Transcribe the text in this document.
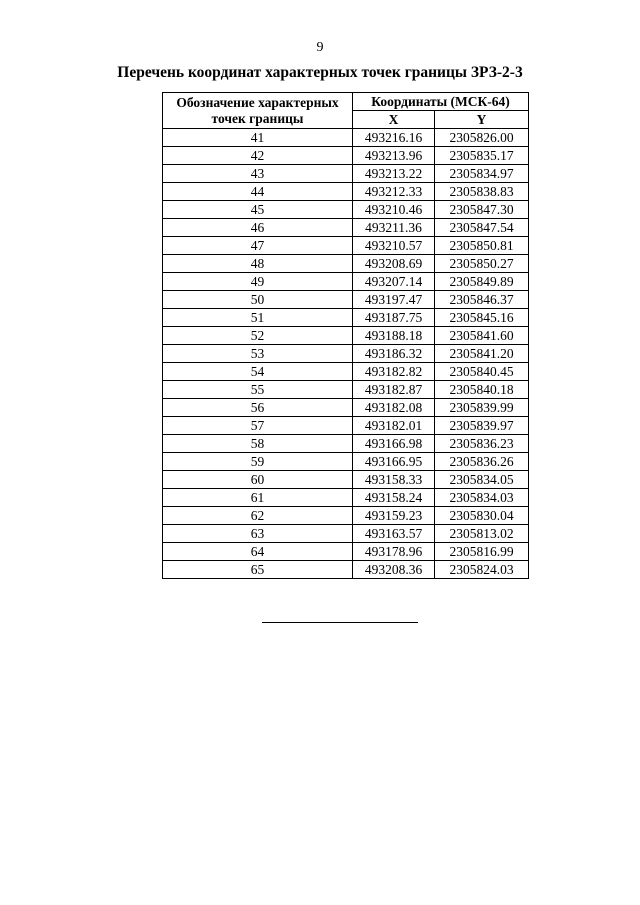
9
Перечень координат характерных точек границы ЗРЗ-2-3
Обозначение характерных точек границы	Координаты (МСК-64)	
	X	Y
41	493216.16	2305826.00
42	493213.96	2305835.17
43	493213.22	2305834.97
44	493212.33	2305838.83
45	493210.46	2305847.30
46	493211.36	2305847.54
47	493210.57	2305850.81
48	493208.69	2305850.27
49	493207.14	2305849.89
50	493197.47	2305846.37
51	493187.75	2305845.16
52	493188.18	2305841.60
53	493186.32	2305841.20
54	493182.82	2305840.45
55	493182.87	2305840.18
56	493182.08	2305839.99
57	493182.01	2305839.97
58	493166.98	2305836.23
59	493166.95	2305836.26
60	493158.33	2305834.05
61	493158.24	2305834.03
62	493159.23	2305830.04
63	493163.57	2305813.02
64	493178.96	2305816.99
65	493208.36	2305824.03
